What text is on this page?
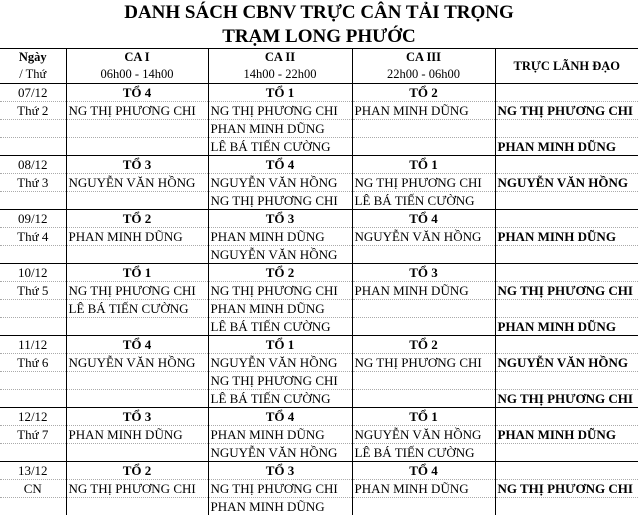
DANH SÁCH CBNV TRỰC CÂN TẢI TRỌNG
TRẠM LONG PHƯỚC
Ngày	CA I	CA II	CA III	TRỰC LÃNH ĐẠO
/ Thứ	06h00 - 14h00	14h00 - 22h00	22h00 - 06h00	
07/12	TỔ 4	TỔ 1	TỔ 2	
Thứ 2	NG THỊ PHƯƠNG CHI	NG THỊ PHƯƠNG CHI	PHAN MINH DŨNG	NG THỊ PHƯƠNG CHI
		PHAN MINH DŨNG		
		LÊ BÁ TIẾN CƯỜNG		PHAN MINH DŨNG
08/12	TỔ 3	TỔ 4	TỔ 1	
Thứ 3	NGUYỄN VĂN HỒNG	NGUYỄN VĂN HỒNG	NG THỊ PHƯƠNG CHI	NGUYỄN VĂN HỒNG
		NG THỊ PHƯƠNG CHI	LÊ BÁ TIẾN CƯỜNG	
09/12	TỔ 2	TỔ 3	TỔ 4	
Thứ 4	PHAN MINH DŨNG	PHAN MINH DŨNG	NGUYỄN VĂN HỒNG	PHAN MINH DŨNG
		NGUYỄN VĂN HỒNG		
10/12	TỔ 1	TỔ 2	TỔ 3	
Thứ 5	NG THỊ PHƯƠNG CHI	NG THỊ PHƯƠNG CHI	PHAN MINH DŨNG	NG THỊ PHƯƠNG CHI
	LÊ BÁ TIẾN CƯỜNG	PHAN MINH DŨNG		
		LÊ BÁ TIẾN CƯỜNG		PHAN MINH DŨNG
11/12	TỔ 4	TỔ 1	TỔ 2	
Thứ 6	NGUYỄN VĂN HỒNG	NGUYỄN VĂN HỒNG	NG THỊ PHƯƠNG CHI	NGUYỄN VĂN HỒNG
		NG THỊ PHƯƠNG CHI		
		LÊ BÁ TIẾN CƯỜNG		NG THỊ PHƯƠNG CHI
12/12	TỔ 3	TỔ 4	TỔ 1	
Thứ 7	PHAN MINH DŨNG	PHAN MINH DŨNG	NGUYỄN VĂN HỒNG	PHAN MINH DŨNG
		NGUYỄN VĂN HỒNG	LÊ BÁ TIẾN CƯỜNG	
13/12	TỔ 2	TỔ 3	TỔ 4	
CN	NG THỊ PHƯƠNG CHI	NG THỊ PHƯƠNG CHI	PHAN MINH DŨNG	NG THỊ PHƯƠNG CHI
		PHAN MINH DŨNG		
